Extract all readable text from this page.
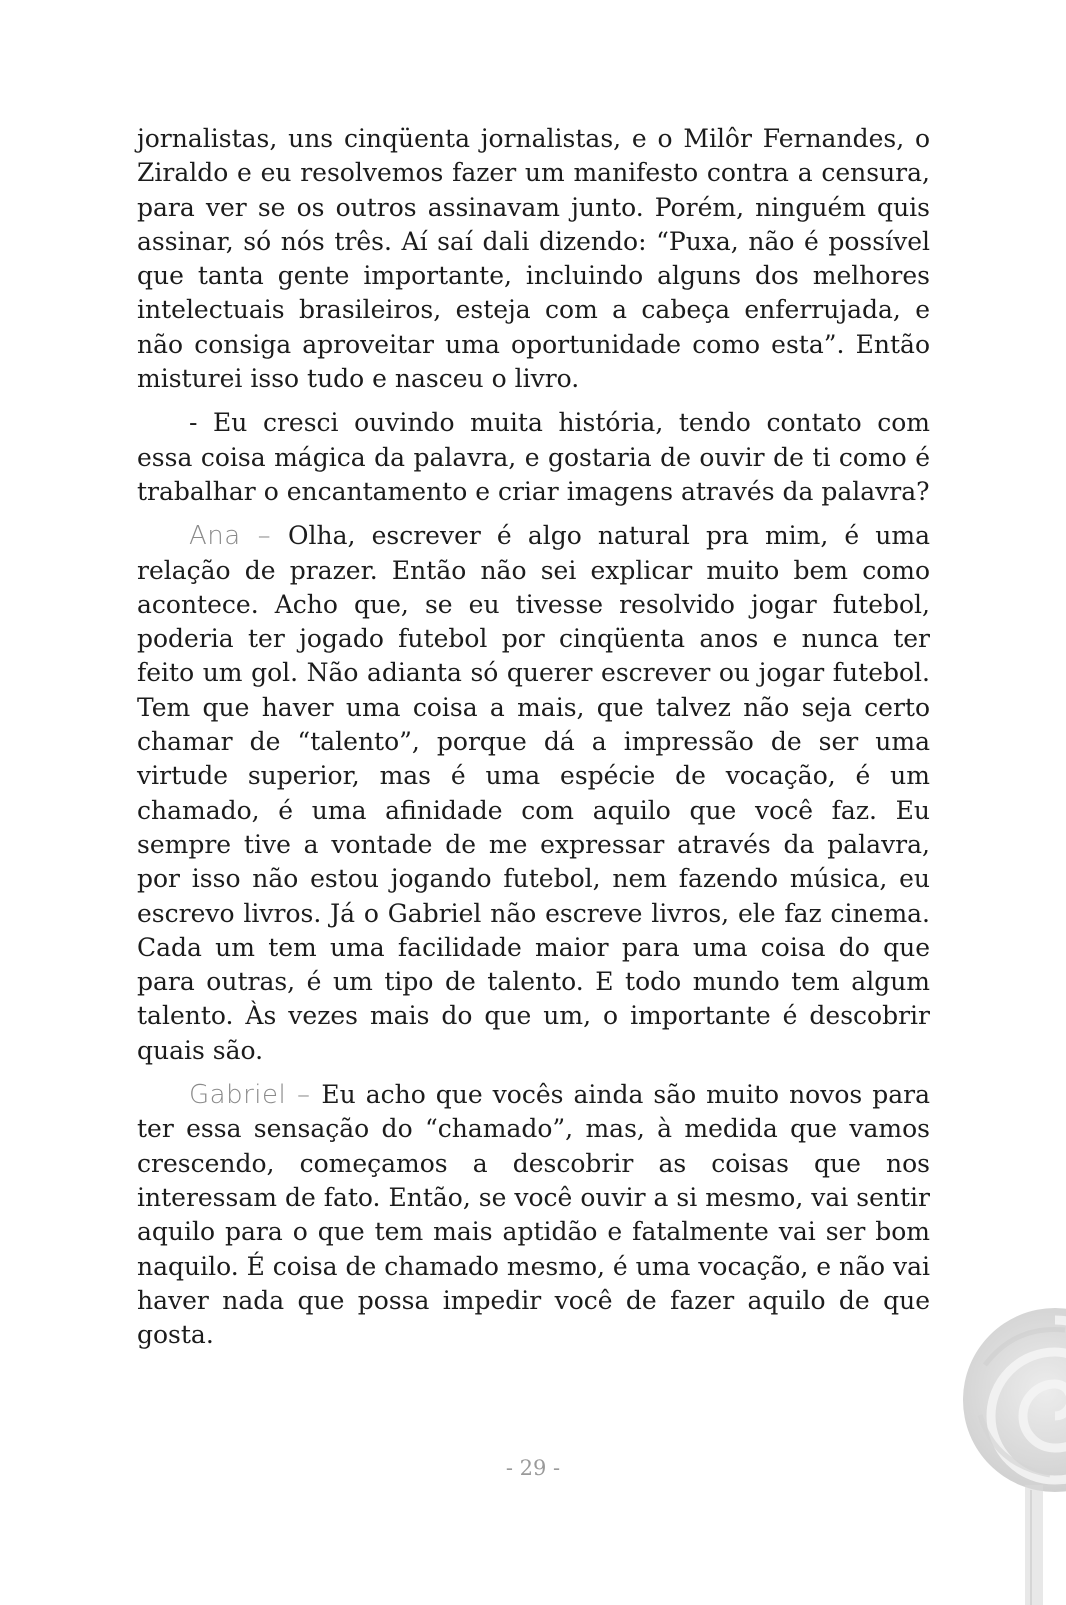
jornalistas, uns cinqüenta jornalistas, e o Milôr Fernandes, o Ziraldo e eu resolvemos fazer um manifesto contra a censura, para ver se os outros assinavam junto. Porém, ninguém quis assinar, só nós três. Aí saí dali dizendo: “Puxa, não é possível que tanta gente importante, incluindo alguns dos melhores intelectuais brasileiros, esteja com a cabeça enferrujada, e não consiga aproveitar uma oportunidade como esta”. Então misturei isso tudo e nasceu o livro.

- Eu cresci ouvindo muita história, tendo contato com essa coisa mágica da palavra, e gostaria de ouvir de ti como é trabalhar o encantamento e criar imagens através da palavra?

Ana – Olha, escrever é algo natural pra mim, é uma relação de prazer. Então não sei explicar muito bem como acontece. Acho que, se eu tivesse resolvido jogar futebol, poderia ter jogado futebol por cinqüenta anos e nunca ter feito um gol. Não adianta só querer escrever ou jogar futebol. Tem que haver uma coisa a mais, que talvez não seja certo chamar de “talento”, porque dá a impressão de ser uma virtude superior, mas é uma espécie de vocação, é um chamado, é uma afinidade com aquilo que você faz. Eu sempre tive a vontade de me expressar através da palavra, por isso não estou jogando futebol, nem fazendo música, eu escrevo livros. Já o Gabriel não escreve livros, ele faz cinema. Cada um tem uma facilidade maior para uma coisa do que para outras, é um tipo de talento. E todo mundo tem algum talento. Às vezes mais do que um, o importante é descobrir quais são.

Gabriel – Eu acho que vocês ainda são muito novos para ter essa sensação do “chamado”, mas, à medida que vamos crescendo, começamos a descobrir as coisas que nos interessam de fato. Então, se você ouvir a si mesmo, vai sentir aquilo para o que tem mais aptidão e fatalmente vai ser bom naquilo. É coisa de chamado mesmo, é uma vocação, e não vai haver nada que possa impedir você de fazer aquilo de que gosta.

- 29 -
